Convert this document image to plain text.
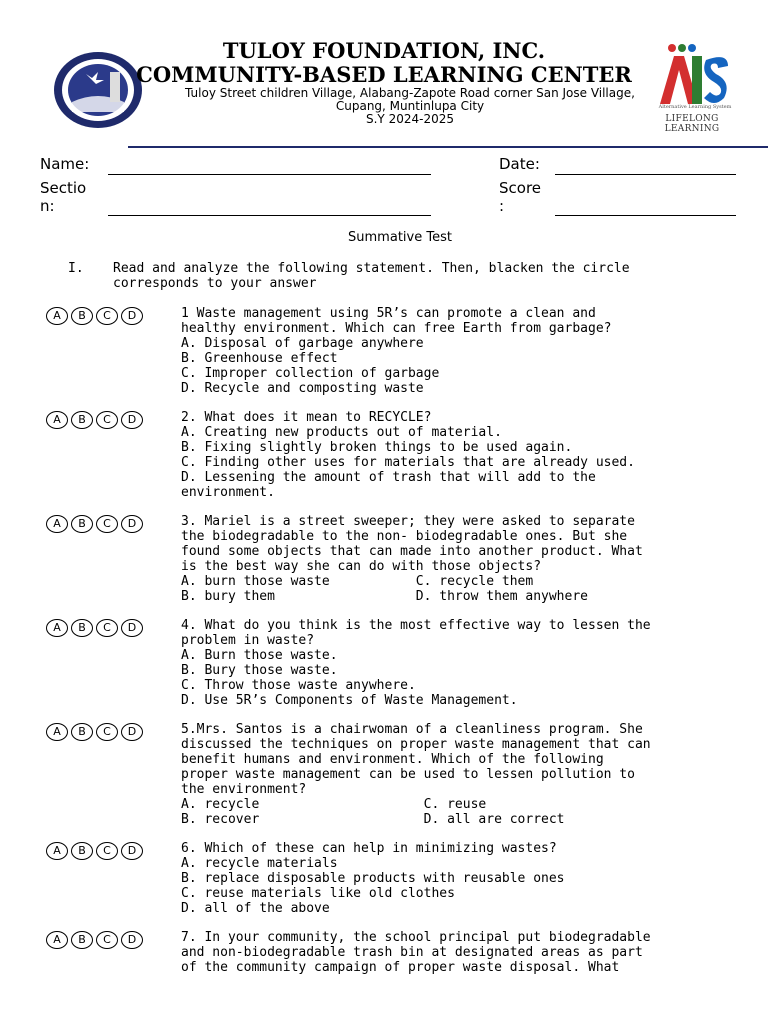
TULOY FOUNDATION, INC.
COMMUNITY-BASED LEARNING CENTER
Tuloy Street children Village, Alabang-Zapote Road corner San Jose Village,
Cupang, Muntinlupa City
S.Y 2024-2025
Alternative Learning System
LIFELONG LEARNING
Name:
Sectio
n:
Date:
Score
:
Summative Test
I. Read and analyze the following statement. Then, blacken the circle
corresponds to your answer
A	B	C	D	1 Waste management using 5R’s can promote a clean and
healthy environment. Which can free Earth from garbage?
A. Disposal of garbage anywhere
B. Greenhouse effect
C. Improper collection of garbage
D. Recycle and composting waste
A	B	C	D	2. What does it mean to RECYCLE?
A. Creating new products out of material.
B. Fixing slightly broken things to be used again.
C. Finding other uses for materials that are already used.
D. Lessening the amount of trash that will add to the
environment.
A	B	C	D	3. Mariel is a street sweeper; they were asked to separate
the biodegradable to the non- biodegradable ones. But she
found some objects that can made into another product. What
is the best way she can do with those objects?
A. burn those waste           C. recycle them
B. bury them                  D. throw them anywhere
A	B	C	D	4. What do you think is the most effective way to lessen the
problem in waste?
A. Burn those waste.
B. Bury those waste.
C. Throw those waste anywhere.
D. Use 5R’s Components of Waste Management.
A	B	C	D	5.Mrs. Santos is a chairwoman of a cleanliness program. She
discussed the techniques on proper waste management that can
benefit humans and environment. Which of the following
proper waste management can be used to lessen pollution to
the environment?
A. recycle                     C. reuse
B. recover                     D. all are correct
A	B	C	D	6. Which of these can help in minimizing wastes?
A. recycle materials
B. replace disposable products with reusable ones
C. reuse materials like old clothes
D. all of the above
A	B	C	D	7. In your community, the school principal put biodegradable
and non-biodegradable trash bin at designated areas as part
of the community campaign of proper waste disposal. What
